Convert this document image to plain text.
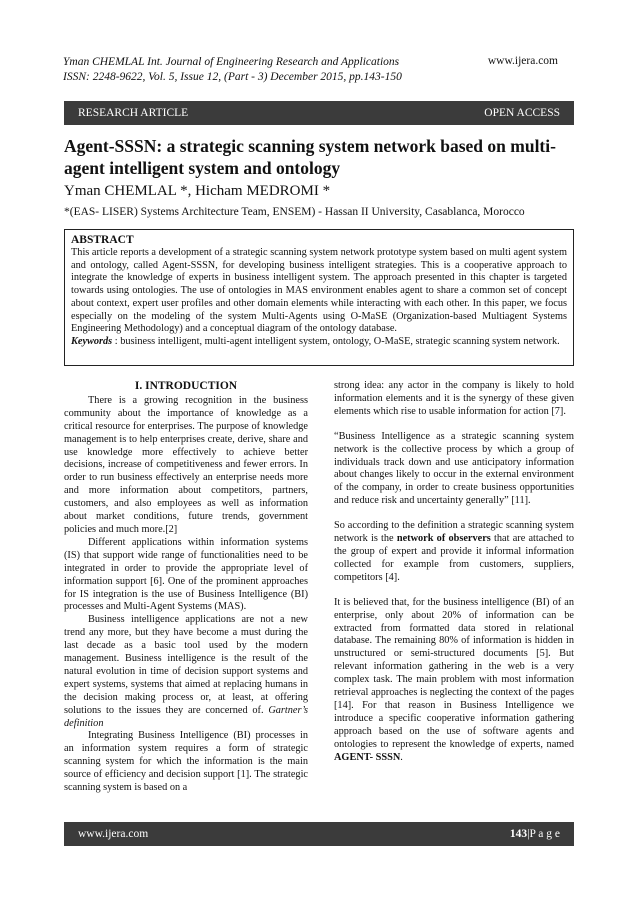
Yman CHEMLAL Int. Journal of Engineering Research and Applications
ISSN: 2248-9622, Vol. 5, Issue 12, (Part - 3) December 2015, pp.143-150
www.ijera.com
RESEARCH ARTICLE	OPEN ACCESS
Agent-SSSN: a strategic scanning system network based on multi-agent intelligent system and ontology
Yman CHEMLAL *, Hicham MEDROMI *
*(EAS- LISER) Systems Architecture Team, ENSEM) - Hassan II University, Casablanca, Morocco
ABSTRACT

This article reports a development of a strategic scanning system network prototype system based on multi agent system and ontology, called Agent-SSSN, for developing business intelligent strategies. This is a cooperative approach to integrate the knowledge of experts in business intelligent system. The approach presented in this chapter is targeted towards using ontologies. The use of ontologies in MAS environment enables agent to share a common set of concept about context, expert user profiles and other domain elements while interacting with each other. In this paper, we focus especially on the modeling of the system Multi-Agents using O-MaSE (Organization-based Multiagent Systems Engineering Methodology) and a conceptual diagram of the ontology database.

Keywords : business intelligent, multi-agent intelligent system, ontology, O-MaSE, strategic scanning system network.

I. INTRODUCTION

There is a growing recognition in the business community about the importance of knowledge as a critical resource for enterprises. The purpose of knowledge management is to help enterprises create, derive, share and use knowledge more effectively to achieve better decisions, increase of competitiveness and fewer errors. In order to run business effectively an enterprise needs more and more information about competitors, partners, customers, and also employees as well as information about market conditions, future trends, government policies and much more.[2]

Different applications within information systems (IS) that support wide range of functionalities need to be integrated in order to provide the appropriate level of information support [6]. One of the prominent approaches for IS integration is the use of Business Intelligence (BI) processes and Multi-Agent Systems (MAS).

Business intelligence applications are not a new trend any more, but they have become a must during the last decade as a basic tool used by the modern management. Business intelligence is the result of the natural evolution in time of decision support systems and expert systems, systems that aimed at replacing humans in the decision making process or, at least, at offering solutions to the issues they are concerned of. Gartner’s definition

Integrating Business Intelligence (BI) processes in an information system requires a form of strategic scanning system for which the information is the main source of efficiency and decision support [1]. The strategic scanning system is based on a

strong idea: any actor in the company is likely to hold information elements and it is the synergy of these given elements which rise to usable information for action [7].

“Business Intelligence as a strategic scanning system network is the collective process by which a group of individuals track down and use anticipatory information about changes likely to occur in the external environment of the company, in order to create business opportunities and reduce risk and uncertainty generally” [11].

So according to the definition a strategic scanning system network is the network of observers that are attached to the group of expert and provide it informal information collected for example from customers, suppliers, competitors [4].

It is believed that, for the business intelligence (BI) of an enterprise, only about 20% of information can be extracted from formatted data stored in relational database. The remaining 80% of information is hidden in unstructured or semi-structured documents [5]. But relevant information gathering in the web is a very complex task. The main problem with most information retrieval approaches is neglecting the context of the pages [14]. For that reason in Business Intelligence we introduce a specific cooperative information gathering approach based on the use of software agents and ontologies to represent the knowledge of experts, named AGENT- SSSN.

www.ijera.com	143|P a g e
